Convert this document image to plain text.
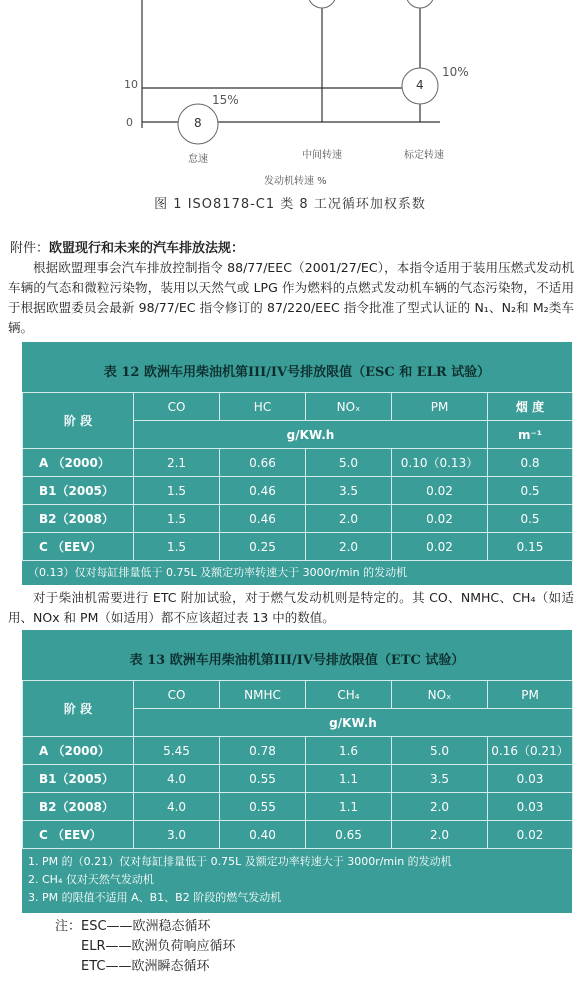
10
0
15%
10%
8
4
怠速	中间转速	标定转速
发动机转速 %
图 1 ISO8178-C1 类 8 工况循环加权系数
附件：欧盟现行和未来的汽车排放法规：
根据欧盟理事会汽车排放控制指令 88/77/EEC（2001/27/EC），本指令适用于装用压燃式发动机车辆的气态和微粒污染物，装用以天然气或 LPG 作为燃料的点燃式发动机车辆的气态污染物，不适用于根据欧盟委员会最新 98/77/EC 指令修订的 87/220/EEC 指令批准了型式认证的 N₁、N₂和 M₂类车辆。
表 12 欧洲车用柴油机第III/IV号排放限值（ESC 和 ELR 试验）
阶 段	CO	HC	NOₓ	PM	烟 度
	g/KW.h				m⁻¹
A （2000）	2.1	0.66	5.0	0.10（0.13）	0.8
B1（2005）	1.5	0.46	3.5	0.02	0.5
B2（2008）	1.5	0.46	2.0	0.02	0.5
C （EEV）	1.5	0.25	2.0	0.02	0.15
（0.13）仅对每缸排量低于 0.75L 及额定功率转速大于 3000r/min 的发动机
对于柴油机需要进行 ETC 附加试验，对于燃气发动机则是特定的。其 CO、NMHC、CH₄（如适用、NOx 和 PM（如适用）都不应该超过表 13 中的数值。
表 13 欧洲车用柴油机第III/IV号排放限值（ETC 试验）
阶 段	CO	NMHC	CH₄	NOₓ	PM
	g/KW.h				
A （2000）	5.45	0.78	1.6	5.0	0.16（0.21）
B1（2005）	4.0	0.55	1.1	3.5	0.03
B2（2008）	4.0	0.55	1.1	2.0	0.03
C （EEV）	3.0	0.40	0.65	2.0	0.02
1. PM 的（0.21）仅对每缸排量低于 0.75L 及额定功率转速大于 3000r/min 的发动机
2. CH₄ 仅对天然气发动机
3. PM 的限值不适用 A、B1、B2 阶段的燃气发动机
注：ESC——欧洲稳态循环
ELR——欧洲负荷响应循环
ETC——欧洲瞬态循环
